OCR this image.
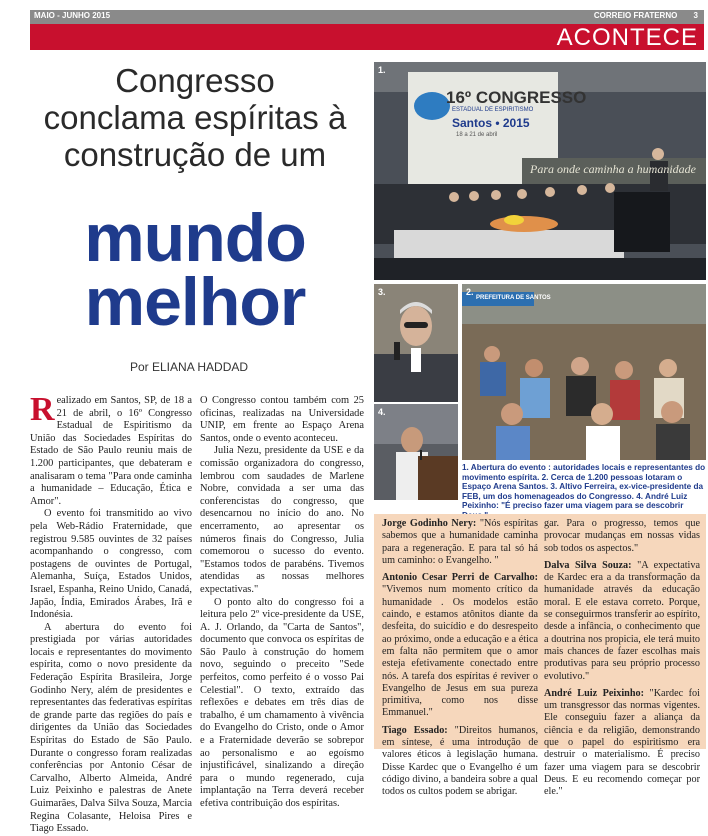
MAIO - JUNHO 2015	CORREIO FRATERNO 3
ACONTECE
Congresso
conclama espíritas à
construção de um
mundo
melhor
Por ELIANA HADDAD

Realizado em Santos, SP, de 18 a 21 de abril, o 16º Congresso Estadual de Espiritismo da União das Sociedades Espíritas do Estado de São Paulo reuniu mais de 1.200 participantes, que debateram e analisaram o tema "Para onde caminha a humanidade – Educação, Ética e Amor".

O evento foi transmitido ao vivo pela Web-Rádio Fraternidade, que registrou 9.585 ouvintes de 32 países acompanhando o congresso, com postagens de ouvintes de Portugal, Alemanha, Suíça, Estados Unidos, Israel, Espanha, Reino Unido, Canadá, Japão, Índia, Emirados Árabes, Irã e Indonésia.

A abertura do evento foi prestigiada por várias autoridades locais e representantes do movimento espírita, como o novo presidente da Federação Espírita Brasileira, Jorge Godinho Nery, além de presidentes e representantes das federativas espíritas de grande parte das regiões do país e dirigentes da União das Sociedades Espíritas do Estado de São Paulo. Durante o congresso foram realizadas conferências por Antonio César de Carvalho, Alberto Almeida, André Luiz Peixinho e palestras de Anete Guimarães, Dalva Silva Souza, Marcia Regina Colasante, Heloisa Pires e Tiago Essado.

O Congresso contou também com 25 oficinas, realizadas na Universidade UNIP, em frente ao Espaço Arena Santos, onde o evento aconteceu.

Julia Nezu, presidente da USE e da comissão organizadora do congresso, lembrou com saudades de Marlene Nobre, convidada a ser uma das conferencistas do congresso, que desencarnou no início do ano. No encerramento, ao apresentar os números finais do Congresso, Julia comemorou o sucesso do evento. "Estamos todos de parabéns. Tivemos atendidas as nossas melhores expectativas."

O ponto alto do congresso foi a leitura pelo 2º vice-presidente da USE, A. J. Orlando, da "Carta de Santos", documento que convoca os espíritas de São Paulo à construção do homem novo, seguindo o preceito "Sede perfeitos, como perfeito é o vosso Pai Celestial". O texto, extraído das reflexões e debates em três dias de trabalho, é um chamamento à vivência do Evangelho do Cristo, onde o Amor e a Fraternidade deverão se sobrepor ao personalismo e ao egoísmo injustificável, sinalizando a direção para o mundo regenerado, cuja implantação na Terra deverá receber efetiva contribuição dos espíritas.

16º CONGRESSO
ESTADUAL DE ESPIRITISMO
Santos • 2015
18 a 21 de abril
Para onde caminha a humanidade
1.
3.
4.
PREFEITURA DE SANTOS
2.
1. Abertura do evento : autoridades locais e representantes do movimento espírita. 2. Cerca de 1.200 pessoas lotaram o Espaço Arena Santos. 3. Altivo Ferreira, ex-vice-presidente da FEB, um dos homenageados do Congresso. 4. André Luiz Peixinho: "É preciso fazer uma viagem para se descobrir

Jorge Godinho Nery: "Nós espíritas sabemos que a humanidade caminha para a regeneração. E para tal só há um caminho: o Evangelho. "

Antonio Cesar Perri de Carvalho: "Vivemos num momento crítico da humanidade . Os modelos estão caindo, e estamos atônitos diante da desfeita, do suicídio e do desrespeito ao próximo, onde a educação e a ética em falta não permitem que o amor esteja efetivamente conectado entre nós. A tarefa dos espíritas é reviver o Evangelho de Jesus em sua pureza primitiva, como nos disse Emmanuel."

Tiago Essado: "Direitos humanos, em síntese, é uma introdução de valores éticos à legislação humana. Disse Kardec que o Evangelho é um código divino, a bandeira sobre a qual todos os cultos podem se abrigar.

gar. Para o progresso, temos que provocar mudanças em nossas vidas sob todos os aspectos."

Dalva Silva Souza: "A expectativa de Kardec era a da transformação da humanidade através da educação moral. E ele estava correto. Porque, se conseguirmos transferir ao espírito, desde a infância, o conhecimento que a doutrina nos propicia, ele terá muito mais chances de fazer escolhas mais produtivas para seu próprio processo evolutivo."

André Luiz Peixinho: "Kardec foi um transgressor das normas vigentes. Ele conseguiu fazer a aliança da ciência e da religião, demonstrando que o papel do espiritismo era destruir o materialismo. É preciso fazer uma viagem para se descobrir Deus. E eu recomendo começar por ele."
